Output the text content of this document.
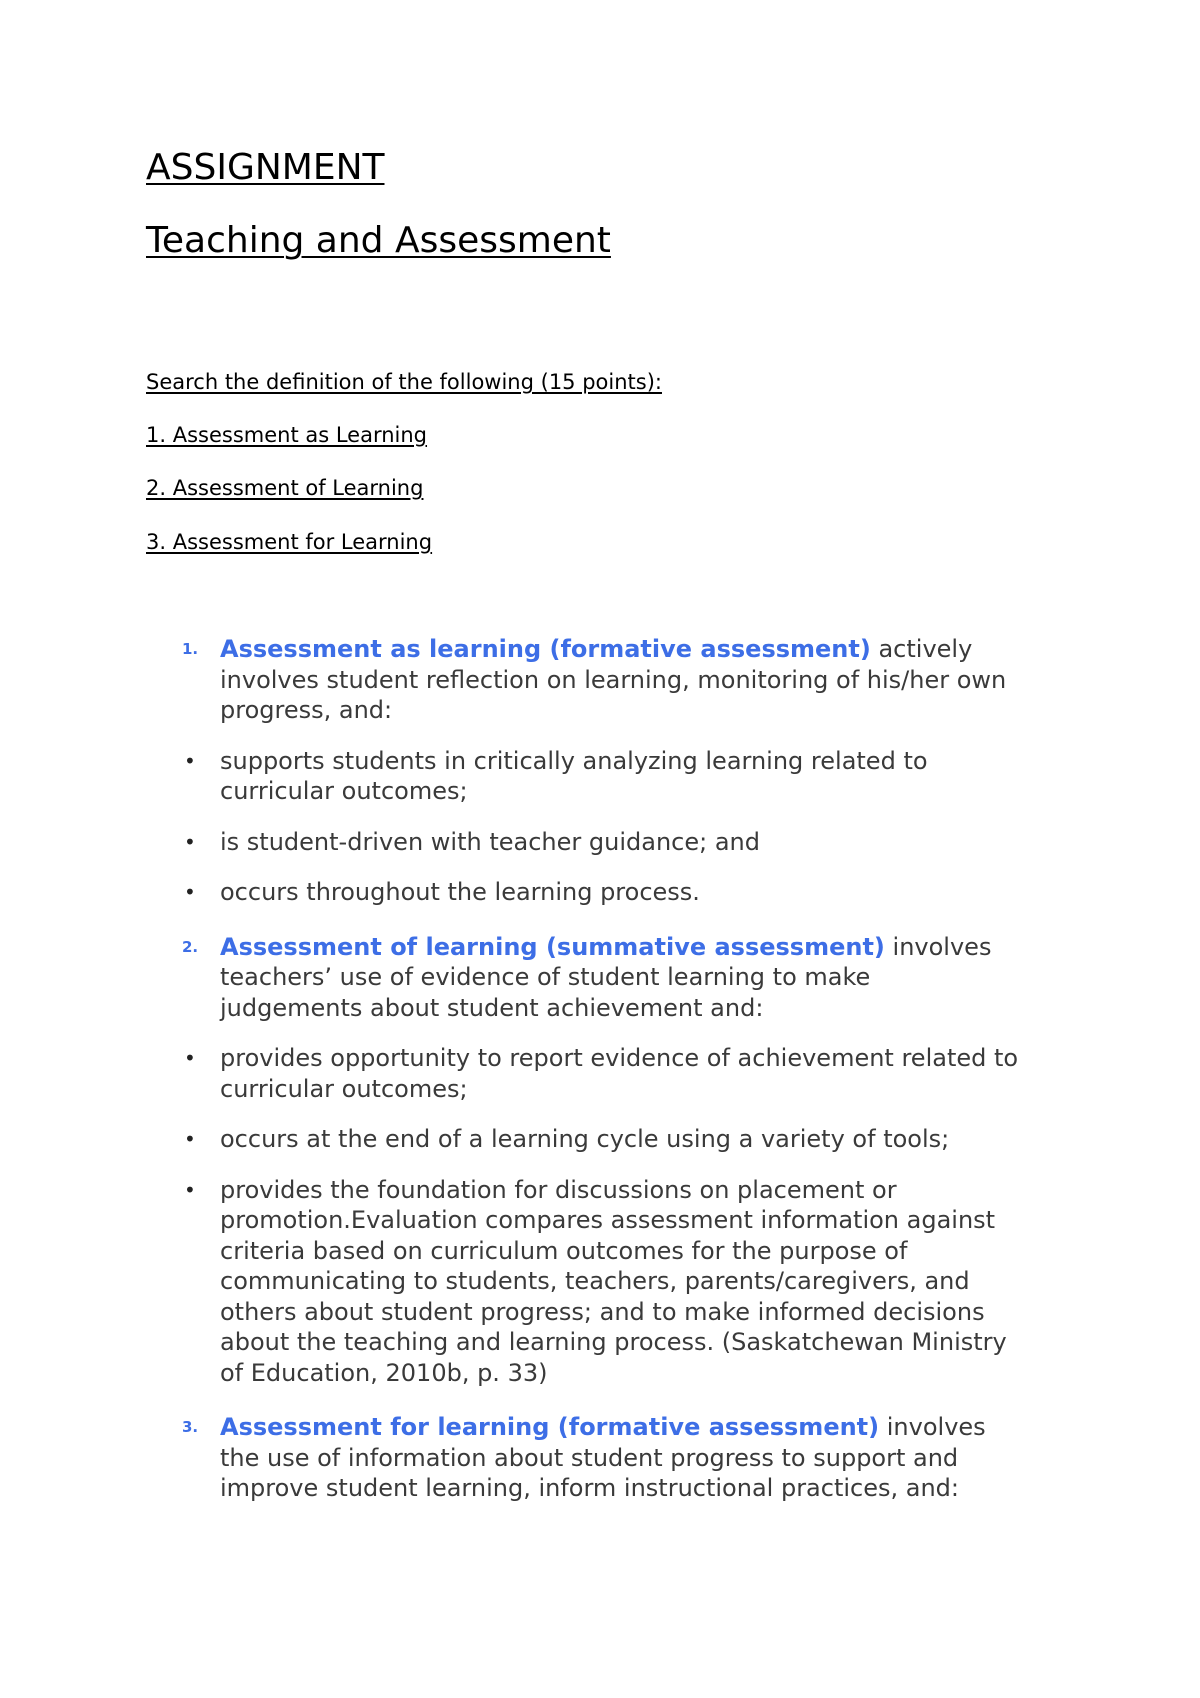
ASSIGNMENT
Teaching and Assessment
Search the definition of the following (15 points):
1. Assessment as Learning
2. Assessment of Learning
3. Assessment for Learning
1. Assessment as learning (formative assessment) actively involves student reflection on learning, monitoring of his/her own progress, and:
• supports students in critically analyzing learning related to curricular outcomes;
• is student-driven with teacher guidance; and
• occurs throughout the learning process.
2. Assessment of learning (summative assessment) involves teachers’ use of evidence of student learning to make judgements about student achievement and:
• provides opportunity to report evidence of achievement related to curricular outcomes;
• occurs at the end of a learning cycle using a variety of tools;
• provides the foundation for discussions on placement or promotion.Evaluation compares assessment information against criteria based on curriculum outcomes for the purpose of communicating to students, teachers, parents/caregivers, and others about student progress; and to make informed decisions about the teaching and learning process. (Saskatchewan Ministry of Education, 2010b, p. 33)
3. Assessment for learning (formative assessment) involves the use of information about student progress to support and improve student learning, inform instructional practices, and:
